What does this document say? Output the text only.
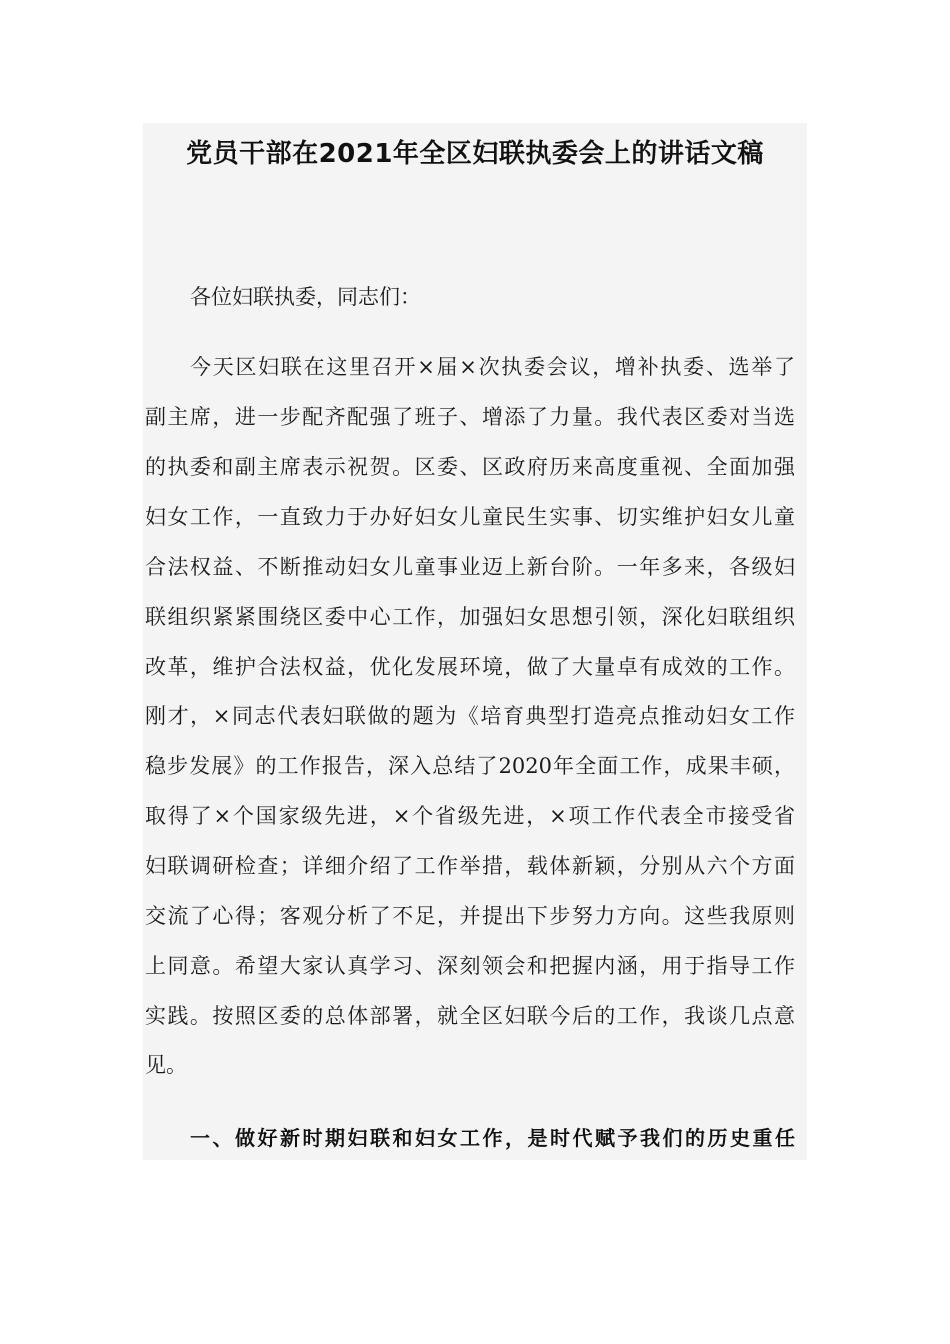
党员干部在2021年全区妇联执委会上的讲话文稿

各位妇联执委，同志们：

今天区妇联在这里召开×届×次执委会议，增补执委、选举了

副主席，进一步配齐配强了班子、增添了力量。我代表区委对当选

的执委和副主席表示祝贺。区委、区政府历来高度重视、全面加强

妇女工作，一直致力于办好妇女儿童民生实事、切实维护妇女儿童

合法权益、不断推动妇女儿童事业迈上新台阶。一年多来，各级妇

联组织紧紧围绕区委中心工作，加强妇女思想引领，深化妇联组织

改革，维护合法权益，优化发展环境，做了大量卓有成效的工作。

刚才，×同志代表妇联做的题为《培育典型打造亮点推动妇女工作

稳步发展》的工作报告，深入总结了2020年全面工作，成果丰硕，

取得了×个国家级先进，×个省级先进，×项工作代表全市接受省

妇联调研检查；详细介绍了工作举措，载体新颖，分别从六个方面

交流了心得；客观分析了不足，并提出下步努力方向。这些我原则

上同意。希望大家认真学习、深刻领会和把握内涵，用于指导工作

实践。按照区委的总体部署，就全区妇联今后的工作，我谈几点意

见。

一、做好新时期妇联和妇女工作，是时代赋予我们的历史重任
